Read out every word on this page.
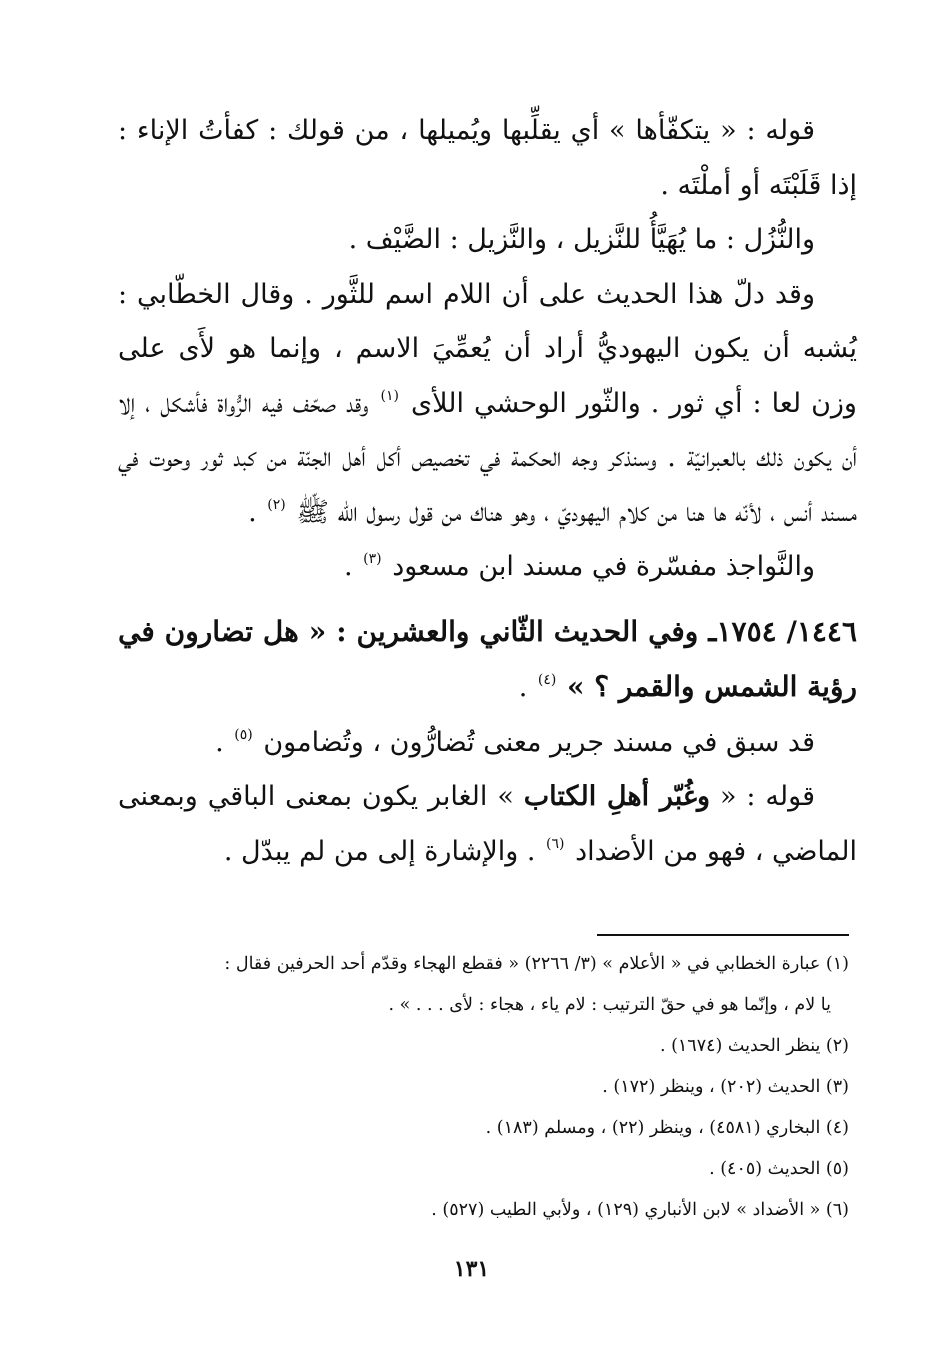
قوله : « يتكفّأها » أي يقلِّبها ويُميلها ، من قولك : كفأتُ الإناء : إذا قَلَبْتَه أو أملْتَه .

والنُّزُل : ما يُهَيَّأُ للنَّزيل ، والنَّزيل : الضَّيْف .

وقد دلّ هذا الحديث على أن اللام اسم للثَّور . وقال الخطّابي : يُشبه أن يكون اليهوديُّ أراد أن يُعمِّيَ الاسم ، وإنما هو لأَى على وزن لعا : أي ثور . والثّور الوحشي اللأى $^{(١)}$ وقد صحّف فيه الرُّواة فأشكل ، إلا أن يكون ذلك بالعبرانيّة . وسنذكر وجه الحكمة في تخصيص أكل أهل الجنّة من كبد ثور وحوت في مسند أنس ، لأنّه ها هنا من كلام اليهوديّ ، وهو هناك من قول رسول الله ﷺ $^{(٢)}$ .

والنَّواجذ مفسّرة في مسند ابن مسعود $^{(٣)}$ .

١٤٤٦/ ١٧٥٤ـ وفي الحديث الثّاني والعشرين : « هل تضارون في رؤية الشمس والقمر ؟ » $^{(٤)}$ .

قد سبق في مسند جرير معنى تُضارُّون ، وتُضامون $^{(٥)}$ .

قوله : « وغُبّر أهلِ الكتاب » الغابر يكون بمعنى الباقي وبمعنى الماضي ، فهو من الأضداد $^{(٦)}$ . والإشارة إلى من لم يبدّل .

(١) عبارة الخطابي في « الأعلام » (٣/ ٢٢٦٦) « فقطع الهجاء وقدّم أحد الحرفين فقال :

يا لام ، وإنّما هو في حقّ الترتيب : لام ياء ، هجاء : لأى . . . » .

(٢) ينظر الحديث (١٦٧٤) .

(٣) الحديث (٢٠٢) ، وينظر (١٧٢) .

(٤) البخاري (٤٥٨١) ، وينظر (٢٢) ، ومسلم (١٨٣) .

(٥) الحديث (٤٠٥) .

(٦) « الأضداد » لابن الأنباري (١٢٩) ، ولأبي الطيب (٥٢٧) .

١٣١
